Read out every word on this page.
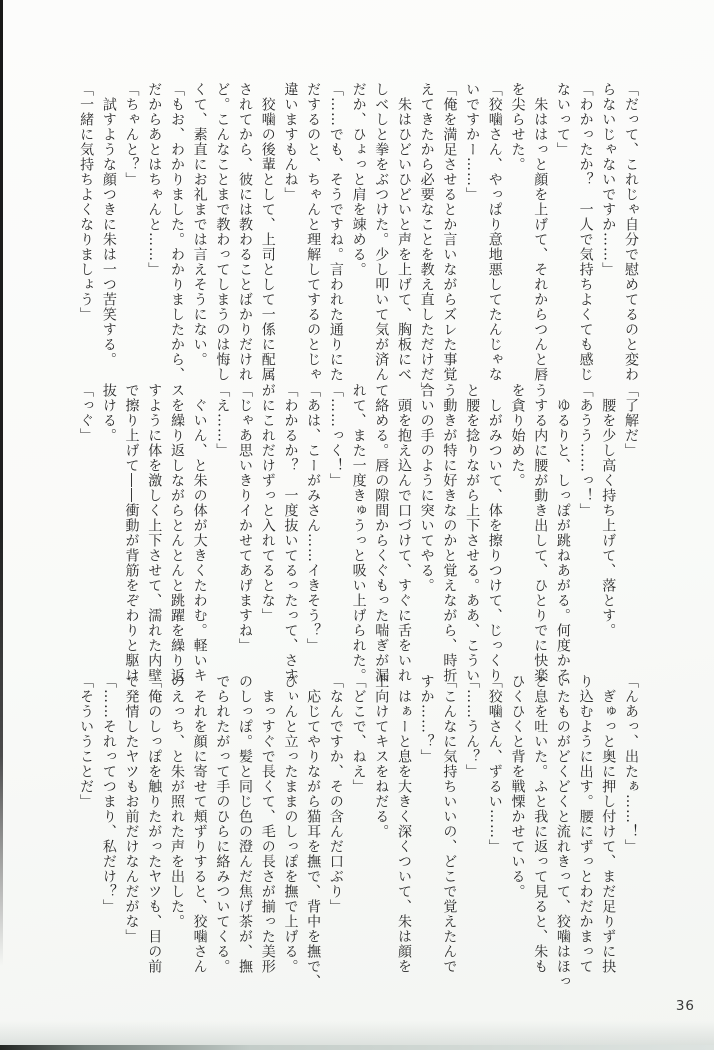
「だって、これじゃ自分で慰めてるのと変わ
らないじゃないですか……」
「わかったか？　一人で気持ちよくても感じ
ないって」
　朱ははっと顔を上げて、それからつんと唇
を尖らせた。
「狡噛さん、やっぱり意地悪してたんじゃな
いですかー……」
「俺を満足させるとか言いながらズレた事覚
えてきたから必要なことを教え直しただけだ」
　朱はひどいひどいと声を上げて、胸板にべ
しべしと拳をぶつけた。少し叩いて気が済ん
だか、ひょっと肩を竦める。
「……でも、そうですね。言われた通りにた
だするのと、ちゃんと理解してするのとじゃ
違いますもんね」
　狡噛の後輩として、上司として一係に配属
されてから、彼には教わることばかりだけれ
ど。こんなことまで教わってしまうのは悔し
くて、素直にお礼までは言えそうにない。
「もお、わかりました。わかりましたから、
だからあとはちゃんと……」
「ちゃんと？」
　試すような顔つきに朱は一つ苦笑する。
「一緒に気持ちよくなりましょう」
「了解だ」
　腰を少し高く持ち上げて、落とす。
「あうう……っ！」
　ゆるりと、しっぽが跳ねあがる。何度かそ
うする内に腰が動き出して、ひとりでに快楽
を貪り始めた。
　しがみついて、体を擦りつけて、じっくり
と腰を捻りながら上下させる。ああ、こうい
う動きが特に好きなのかと覚えながら、時折
合いの手のように突いてやる。
　頭を抱え込んで口づけて、すぐに舌をいれ
て絡める。唇の隙間からくぐもった喘ぎが漏
れて、また一度きゅうっと吸い上げられた。
「……っく！」
「あは、こーがみさん……イきそう？」
「わかるか？　一度抜いてるったって、さす
がにこれだけずっと入れてるとな」
「じゃあ思いきりイかせてあげますね」
「え……」
　ぐいん、と朱の体が大きくたわむ。軽いキ
スを繰り返しながらとんとんと跳躍を繰り返
すように体を激しく上下させて、濡れた内壁
で擦り上げて――衝動が背筋をぞわりと駆け
抜ける。
「っぐ」
「んあっ、出たぁ……！」
　ぎゅっと奥に押し付けて、まだ足りずに抉
り込むように出す。腰にずっとわだかまって
いたものがどくどくと流れきって、狡噛はほっ
と息を吐いた。ふと我に返って見ると、朱も
ひくひくと背を戦慄かせている。
「狡噛さん、ずるい……」
「……うん？」
「こんなに気持ちいいの、どこで覚えたんで
すか……？」
　はぁーと息を大きく深くついて、朱は顔を
上向けてキスをねだる。
「どこで、ねえ」
「なんですか、その含んだ口ぶり」
　応じてやりながら猫耳を撫で、背中を撫で、
びぃんと立ったままのしっぽを撫で上げる。
　まっすぐで長くて、毛の長さが揃った美形
のしっぽ。髪と同じ色の澄んだ焦げ茶が、撫
でられたがって手のひらに絡みついてくる。
　それを顔に寄せて頬ずりすると、狡噛さん
のえっち、と朱が照れた声を出した。
「俺のしっぽを触りたがったヤツも、目の前
で発情したヤツもお前だけなんだがな」
「……それってつまり、私だけ？」
「そういうことだ」
36
